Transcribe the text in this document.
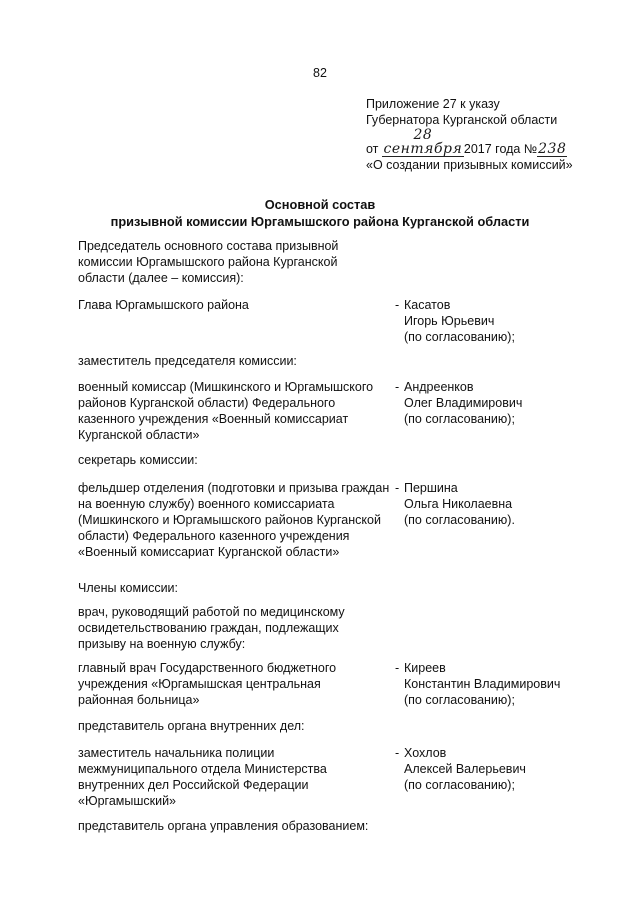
82
Приложение 27 к указу
Губернатора Курганской области
от 28 сентября 2017 года №238
«О создании призывных комиссий»
Основной состав
призывной комиссии Юргамышского района Курганской области
Председатель основного состава призывной комиссии Юргамышского района Курганской области (далее – комиссия):
Глава Юргамышского района	- Касатов
Игорь Юрьевич
(по согласованию);
заместитель председателя комиссии:
военный комиссар (Мишкинского и Юргамышского районов Курганской области) Федерального казенного учреждения «Военный комиссариат Курганской области»
- Андреенков
Олег Владимирович
(по согласованию);
секретарь комиссии:
фельдшер отделения (подготовки и призыва граждан на военную службу) военного комиссариата (Мишкинского и Юргамышского районов Курганской области) Федерального казенного учреждения «Военный комиссариат Курганской области»
- Першина
Ольга Николаевна
(по согласованию).
Члены комиссии:
врач, руководящий работой по медицинскому освидетельствованию граждан, подлежащих призыву на военную службу:
главный врач Государственного бюджетного учреждения «Юргамышская центральная районная больница»
- Киреев
Константин Владимирович
(по согласованию);
представитель органа внутренних дел:
заместитель начальника полиции межмуниципального отдела Министерства внутренних дел Российской Федерации «Юргамышский»
- Хохлов
Алексей Валерьевич
(по согласованию);
представитель органа управления образованием:
